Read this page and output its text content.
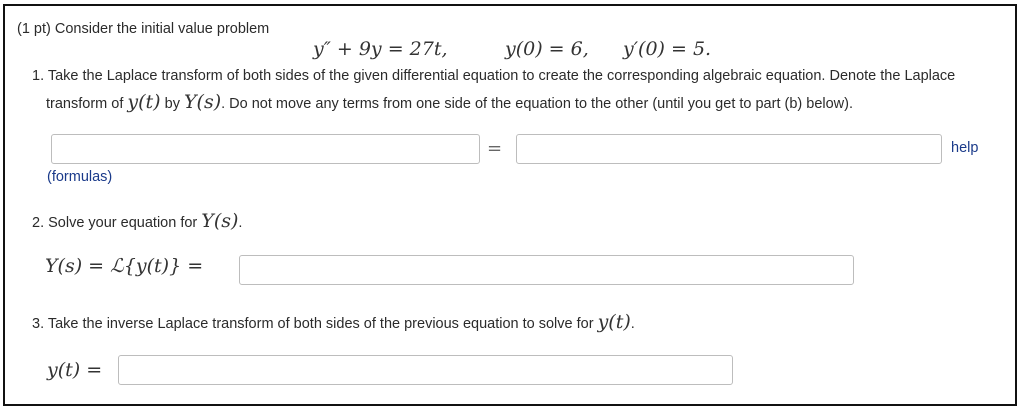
(1 pt) Consider the initial value problem
y″ + 9y = 27t,	y(0) = 6, y′(0) = 5.
1. Take the Laplace transform of both sides of the given differential equation to create the corresponding algebraic equation. Denote the Laplace
transform of y(t) by Y(s). Do not move any terms from one side of the equation to the other (until you get to part (b) below).
=	help
(formulas)
2. Solve your equation for Y(s).
Y(s) = ℒ{y(t)} =
3. Take the inverse Laplace transform of both sides of the previous equation to solve for y(t).
y(t) =
